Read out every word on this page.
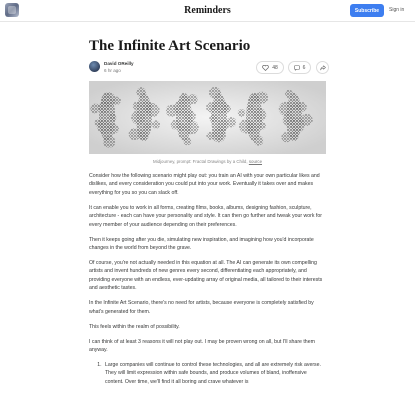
Reminders	Subscribe	Sign in
The Infinite Art Scenario
David OReilly
6 hr ago	48	6
Midjourney, prompt: Fractal Drawings by a Child, source

Consider how the following scenario might play out: you train an AI with your own particular likes and dislikes, and every consideration you could put into your work. Eventually it takes over and makes everything for you so you can slack off.

It can enable you to work in all forms, creating films, books, albums, designing fashion, sculpture, architecture - each can have your personality and style. It can then go further and tweak your work for every member of your audience depending on their preferences.

Then it keeps going after you die, simulating new inspiration, and imagining how you'd incorporate changes in the world from beyond the grave.

Of course, you're not actually needed in this equation at all. The AI can generate its own compelling artists and invent hundreds of new genres every second, differentiating each appropriately, and providing everyone with an endless, ever-updating array of original media, all tailored to their interests and aesthetic tastes.

In the Infinite Art Scenario, there's no need for artists, because everyone is completely satisfied by what's generated for them.

This feels within the realm of possibility.

I can think of at least 3 reasons it will not play out. I may be proven wrong on all, but I'll share them anyway.

1. Large companies will continue to control these technologies, and all are extremely risk averse. They will limit expression within safe bounds, and produce volumes of bland, inoffensive content. Over time, we'll find it all boring and crave whatever is
